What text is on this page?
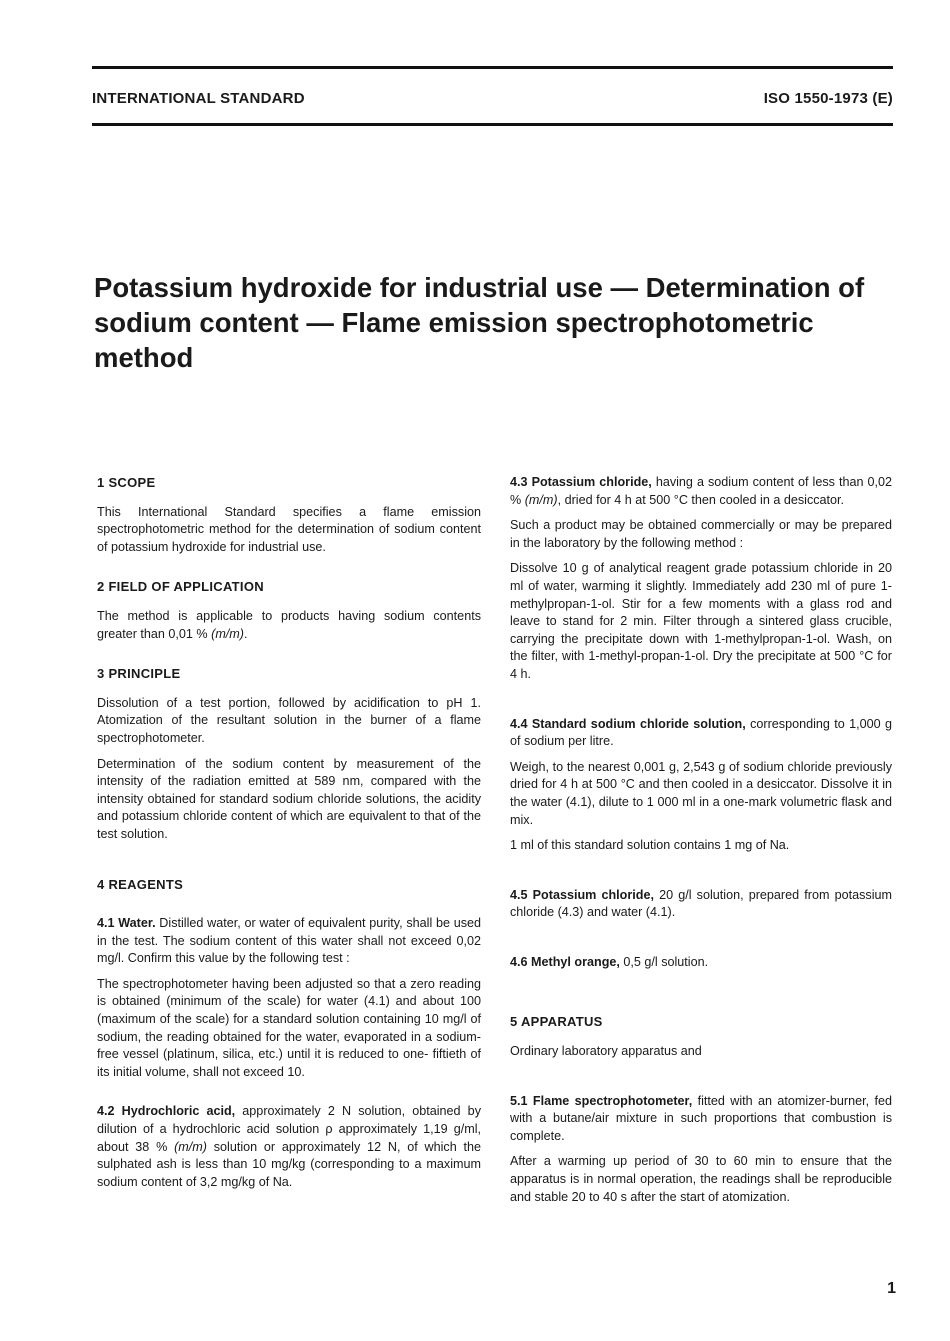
INTERNATIONAL STANDARD	ISO 1550-1973 (E)
Potassium hydroxide for industrial use — Determination of sodium content — Flame emission spectrophotometric method
1 SCOPE
This International Standard specifies a flame emission spectrophotometric method for the determination of sodium content of potassium hydroxide for industrial use.
2 FIELD OF APPLICATION
The method is applicable to products having sodium contents greater than 0,01 % (m/m).
3 PRINCIPLE
Dissolution of a test portion, followed by acidification to pH 1. Atomization of the resultant solution in the burner of a flame spectrophotometer.
Determination of the sodium content by measurement of the intensity of the radiation emitted at 589 nm, compared with the intensity obtained for standard sodium chloride solutions, the acidity and potassium chloride content of which are equivalent to that of the test solution.
4 REAGENTS
4.1 Water. Distilled water, or water of equivalent purity, shall be used in the test. The sodium content of this water shall not exceed 0,02 mg/l. Confirm this value by the following test :
The spectrophotometer having been adjusted so that a zero reading is obtained (minimum of the scale) for water (4.1) and about 100 (maximum of the scale) for a standard solution containing 10 mg/l of sodium, the reading obtained for the water, evaporated in a sodium-free vessel (platinum, silica, etc.) until it is reduced to one- fiftieth of its initial volume, shall not exceed 10.
4.2 Hydrochloric acid, approximately 2 N solution, obtained by dilution of a hydrochloric acid solution ρ approximately 1,19 g/ml, about 38 % (m/m) solution or approximately 12 N, of which the sulphated ash is less than 10 mg/kg (corresponding to a maximum sodium content of 3,2 mg/kg of Na.
4.3 Potassium chloride, having a sodium content of less than 0,02 % (m/m), dried for 4 h at 500 °C then cooled in a desiccator.
Such a product may be obtained commercially or may be prepared in the laboratory by the following method :
Dissolve 10 g of analytical reagent grade potassium chloride in 20 ml of water, warming it slightly. Immediately add 230 ml of pure 1-methylpropan-1-ol. Stir for a few moments with a glass rod and leave to stand for 2 min. Filter through a sintered glass crucible, carrying the precipitate down with 1-methylpropan-1-ol. Wash, on the filter, with 1-methyl-propan-1-ol. Dry the precipitate at 500 °C for 4 h.
4.4 Standard sodium chloride solution, corresponding to 1,000 g of sodium per litre.
Weigh, to the nearest 0,001 g, 2,543 g of sodium chloride previously dried for 4 h at 500 °C and then cooled in a desiccator. Dissolve it in the water (4.1), dilute to 1 000 ml in a one-mark volumetric flask and mix.
1 ml of this standard solution contains 1 mg of Na.
4.5 Potassium chloride, 20 g/l solution, prepared from potassium chloride (4.3) and water (4.1).
4.6 Methyl orange, 0,5 g/l solution.
5 APPARATUS
Ordinary laboratory apparatus and
5.1 Flame spectrophotometer, fitted with an atomizer-burner, fed with a butane/air mixture in such proportions that combustion is complete.
After a warming up period of 30 to 60 min to ensure that the apparatus is in normal operation, the readings shall be reproducible and stable 20 to 40 s after the start of atomization.
1
